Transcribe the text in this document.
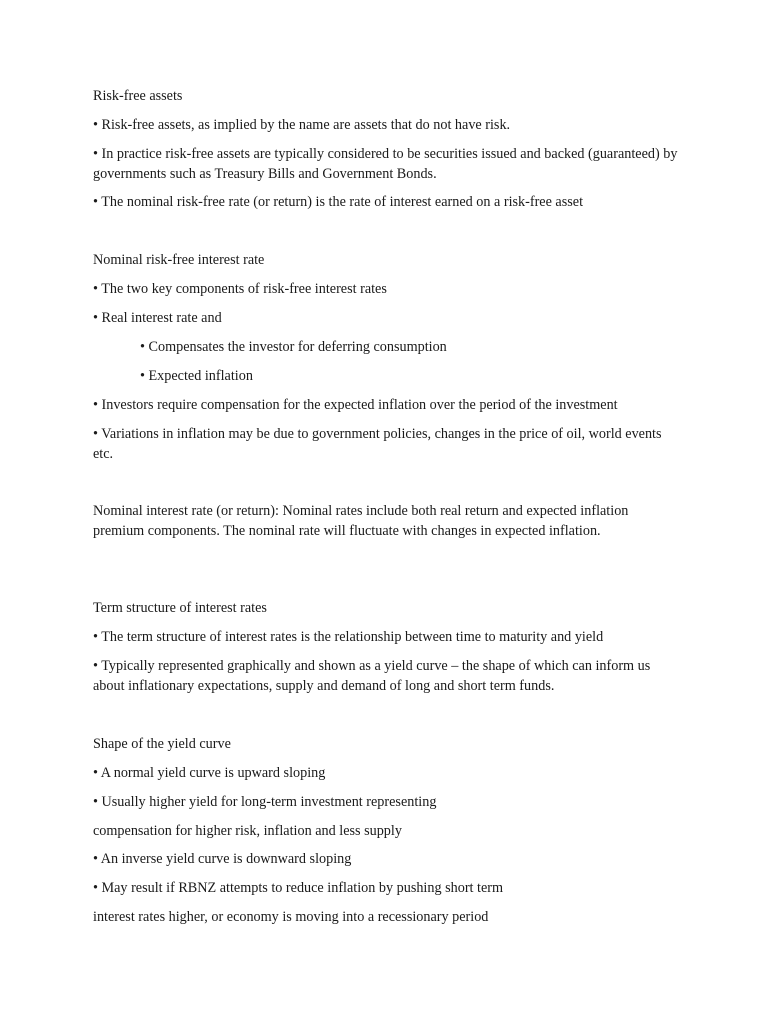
Risk-free assets

• Risk-free assets, as implied by the name are assets that do not have risk.

• In practice risk-free assets are typically considered to be securities issued and backed (guaranteed) by governments such as Treasury Bills and Government Bonds.

• The nominal risk-free rate (or return) is the rate of interest earned on a risk-free asset

Nominal risk-free interest rate

• The two key components of risk-free interest rates

• Real interest rate and

• Compensates the investor for deferring consumption

• Expected inflation

• Investors require compensation for the expected inflation over the period of the investment

• Variations in inflation may be due to government policies, changes in the price of oil, world events etc.

Nominal interest rate (or return): Nominal rates include both real return and expected inflation premium components. The nominal rate will fluctuate with changes in expected inflation.

Term structure of interest rates

• The term structure of interest rates is the relationship between time to maturity and yield

• Typically represented graphically and shown as a yield curve – the shape of which can inform us about inflationary expectations, supply and demand of long and short term funds.

Shape of the yield curve

• A normal yield curve is upward sloping

• Usually higher yield for long-term investment representing

compensation for higher risk, inflation and less supply

• An inverse yield curve is downward sloping

• May result if RBNZ attempts to reduce inflation by pushing short term

interest rates higher, or economy is moving into a recessionary period
